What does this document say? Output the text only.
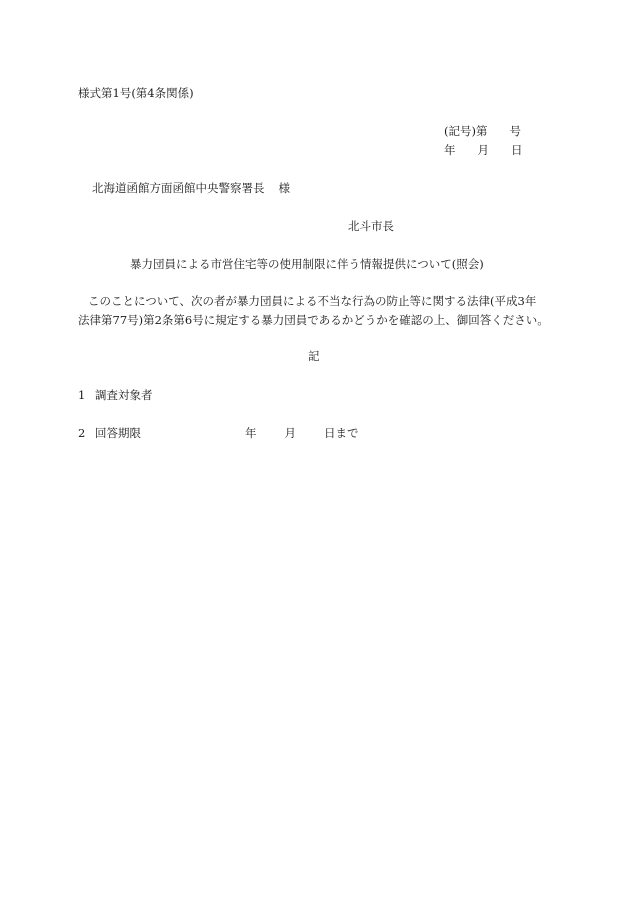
様式第1号(第4条関係)
(記号)第 号
年 月 日
北海道函館方面函館中央警察署長 様
北斗市長
暴力団員による市営住宅等の使用制限に伴う情報提供について(照会)
このことについて、次の者が暴力団員による不当な行為の防止等に関する法律(平成3年
法律第77号)第2条第6号に規定する暴力団員であるかどうかを確認の上、御回答ください。
記
1 調査対象者
2 回答期限	年 月 日まで
